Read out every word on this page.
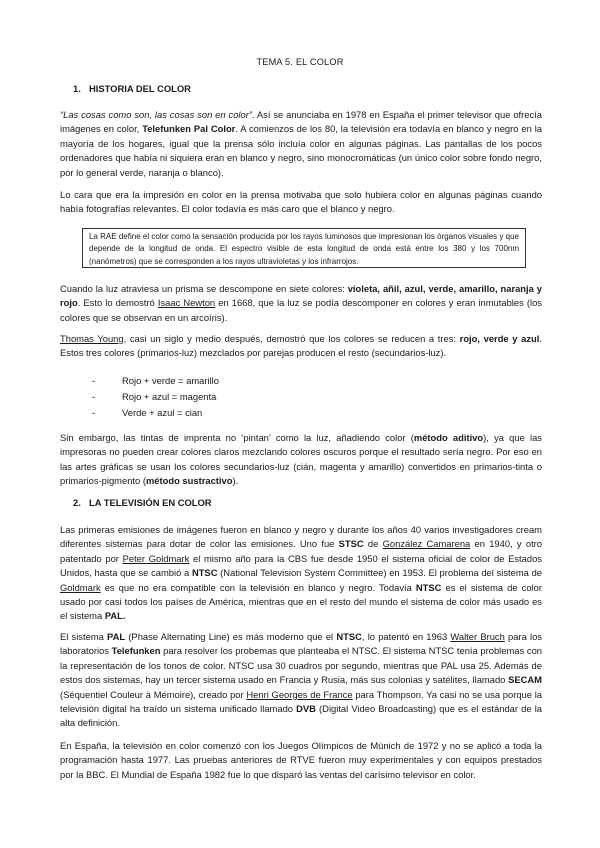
TEMA 5. EL COLOR
1. HISTORIA DEL COLOR

“Las cosas como son, las cosas son en color”. Así se anunciaba en 1978 en España el primer televisor que ofrecía imágenes en color, Telefunken Pal Color. A comienzos de los 80, la televisión era todavía en blanco y negro en la mayoría de los hogares, igual que la prensa sólo incluía color en algunas páginas. Las pantallas de los pocos ordenadores que había ni siquiera eran en blanco y negro, sino monocromáticas (un único color sobre fondo negro, por lo general verde, naranja o blanco).

Lo cara que era la impresión en color en la prensa motivaba que solo hubiera color en algunas páginas cuando había fotografías relevantes. El color todavía es más caro que el blanco y negro.

La RAE define el color como la sensación producida por los rayos luminosos que impresionan los órganos visuales y que depende de la longitud de onda. El espectro visible de esta longitud de onda está entre los 380 y los 700nm (nanómetros) que se corresponden a los rayos ultravioletas y los infrarrojos.

Cuando la luz atraviesa un prisma se descompone en siete colores: violeta, añil, azul, verde, amarillo, naranja y rojo. Esto lo demostró Isaac Newton en 1668, que la luz se podía descomponer en colores y eran inmutables (los colores que se observan en un arcoíris).

Thomas Young, casi un siglo y medio después, demostró que los colores se reducen a tres: rojo, verde y azul. Estos tres colores (primarios-luz) mezclados por parejas producen el resto (secundarios-luz).

- Rojo + verde = amarillo
- Rojo + azul = magenta
- Verde + azul = cian

Sin embargo, las tintas de imprenta no ‘pintan’ como la luz, añadiendo color (método aditivo), ya que las impresoras no pueden crear colores claros mezclando colores oscuros porque el resultado sería negro. Por eso en las artes gráficas se usan los colores secundarios-luz (cián, magenta y amarillo) convertidos en primarios-tinta o primarios-pigmento (método sustractivo).

2. LA TELEVISIÓN EN COLOR

Las primeras emisiones de imágenes fueron en blanco y negro y durante los años 40 varios investigadores cream diferentes sistemas para dotar de color las emisiones. Uno fue STSC de González Camarena en 1940, y otro patentado por Peter Goldmark el mismo año para la CBS fue desde 1950 el sistema oficial de color de Estados Unidos, hasta que se cambió a NTSC (National Television System Committee) en 1953. El problema del sistema de Goldmark es que no era compatible con la televisión en blanco y negro. Todavía NTSC es el sistema de color usado por casi todos los países de América, mientras que en el resto del mundo el sistema de color más usado es el sistema PAL.

El sistema PAL (Phase Alternating Line) es más moderno que el NTSC, lo patentó en 1963 Walter Bruch para los laboratorios Telefunken para resolver los probemas que planteaba el NTSC. El sistema NTSC tenía problemas con la representación de los tonos de color. NTSC usa 30 cuadros por segundo, mientras que PAL usa 25. Además de estos dos sistemas, hay un tercer sistema usado en Francia y Rusia, más sus colonias y satélites, llamado SECAM (Séquentiel Couleur à Mémoire), creado por Henri Georges de France para Thompson. Ya casi no se usa porque la televisión digital ha traído un sistema unificado llamado DVB (Digital Video Broadcasting) que es el estándar de la alta definición.

En España, la televisión en color comenzó con los Juegos Olímpicos de Múnich de 1972 y no se aplicó a toda la programación hasta 1977. Las pruebas anteriores de RTVE fueron muy experimentales y con equipos prestados por la BBC. El Mundial de España 1982 fue lo que disparó las ventas del carísimo televisor en color.
